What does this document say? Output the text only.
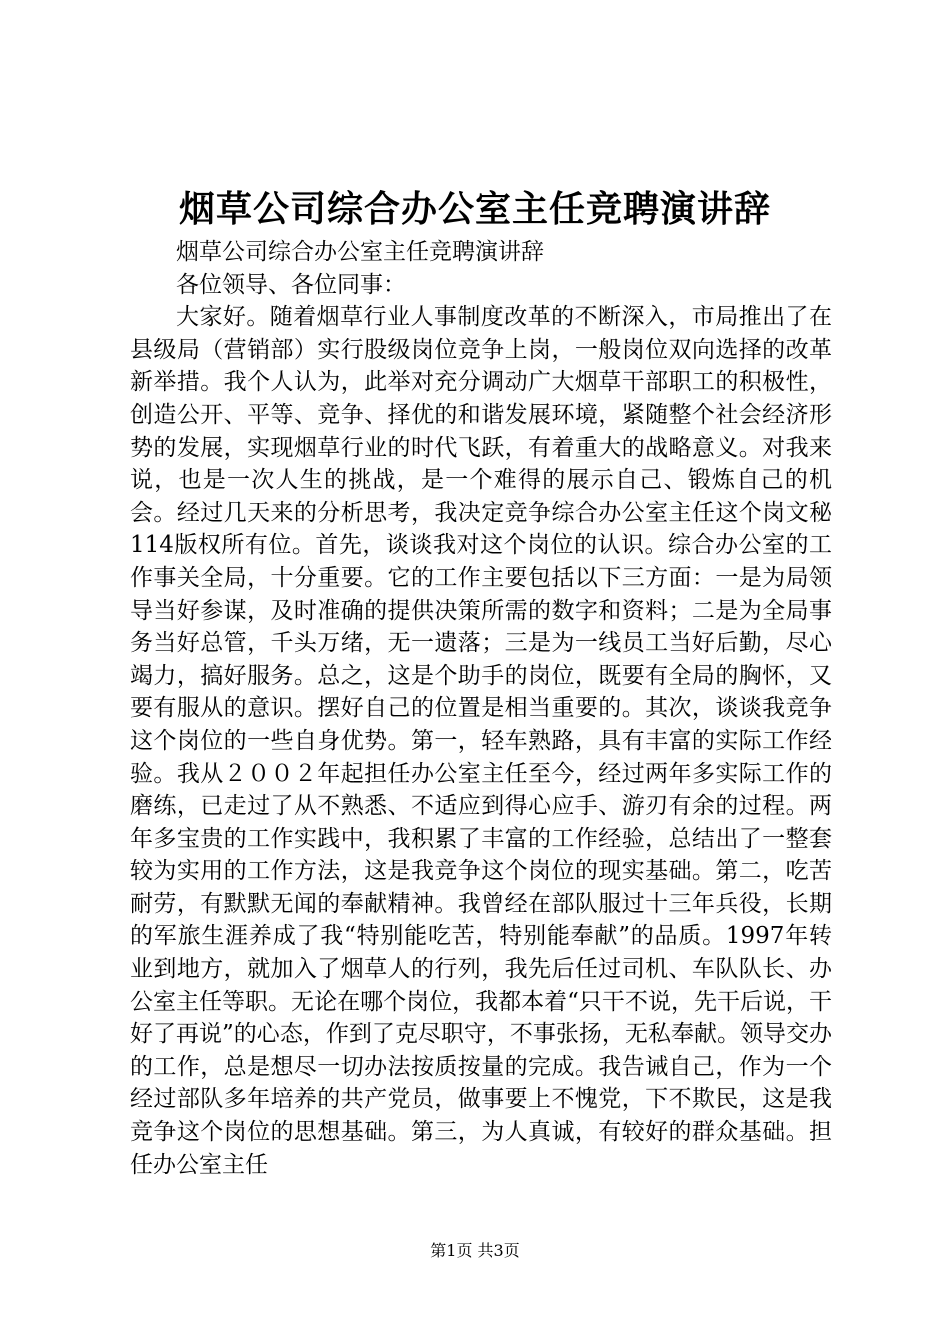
烟草公司综合办公室主任竞聘演讲辞

烟草公司综合办公室主任竞聘演讲辞

各位领导、各位同事：

大家好。随着烟草行业人事制度改革的不断深入，市局推出了在县级局（营销部）实行股级岗位竞争上岗，一般岗位双向选择的改革新举措。我个人认为，此举对充分调动广大烟草干部职工的积极性，创造公开、平等、竞争、择优的和谐发展环境，紧随整个社会经济形势的发展，实现烟草行业的时代飞跃，有着重大的战略意义。对我来说，也是一次人生的挑战，是一个难得的展示自己、锻炼自己的机会。经过几天来的分析思考，我决定竞争综合办公室主任这个岗文秘114版权所有位。首先，谈谈我对这个岗位的认识。综合办公室的工作事关全局，十分重要。它的工作主要包括以下三方面：一是为局领导当好参谋，及时准确的提供决策所需的数字和资料；二是为全局事务当好总管，千头万绪，无一遗落；三是为一线员工当好后勤，尽心竭力，搞好服务。总之，这是个助手的岗位，既要有全局的胸怀，又要有服从的意识。摆好自己的位置是相当重要的。其次，谈谈我竞争这个岗位的一些自身优势。第一，轻车熟路，具有丰富的实际工作经验。我从２００２年起担任办公室主任至今，经过两年多实际工作的磨练，已走过了从不熟悉、不适应到得心应手、游刃有余的过程。两年多宝贵的工作实践中，我积累了丰富的工作经验，总结出了一整套较为实用的工作方法，这是我竞争这个岗位的现实基础。第二，吃苦耐劳，有默默无闻的奉献精神。我曾经在部队服过十三年兵役，长期的军旅生涯养成了我“特别能吃苦，特别能奉献”的品质。1997年转业到地方，就加入了烟草人的行列，我先后任过司机、车队队长、办公室主任等职。无论在哪个岗位，我都本着“只干不说，先干后说，干好了再说”的心态，作到了克尽职守，不事张扬，无私奉献。领导交办的工作，总是想尽一切办法按质按量的完成。我告诫自己，作为一个经过部队多年培养的共产党员，做事要上不愧党，下不欺民，这是我竞争这个岗位的思想基础。第三，为人真诚，有较好的群众基础。担任办公室主任

第1页 共3页
